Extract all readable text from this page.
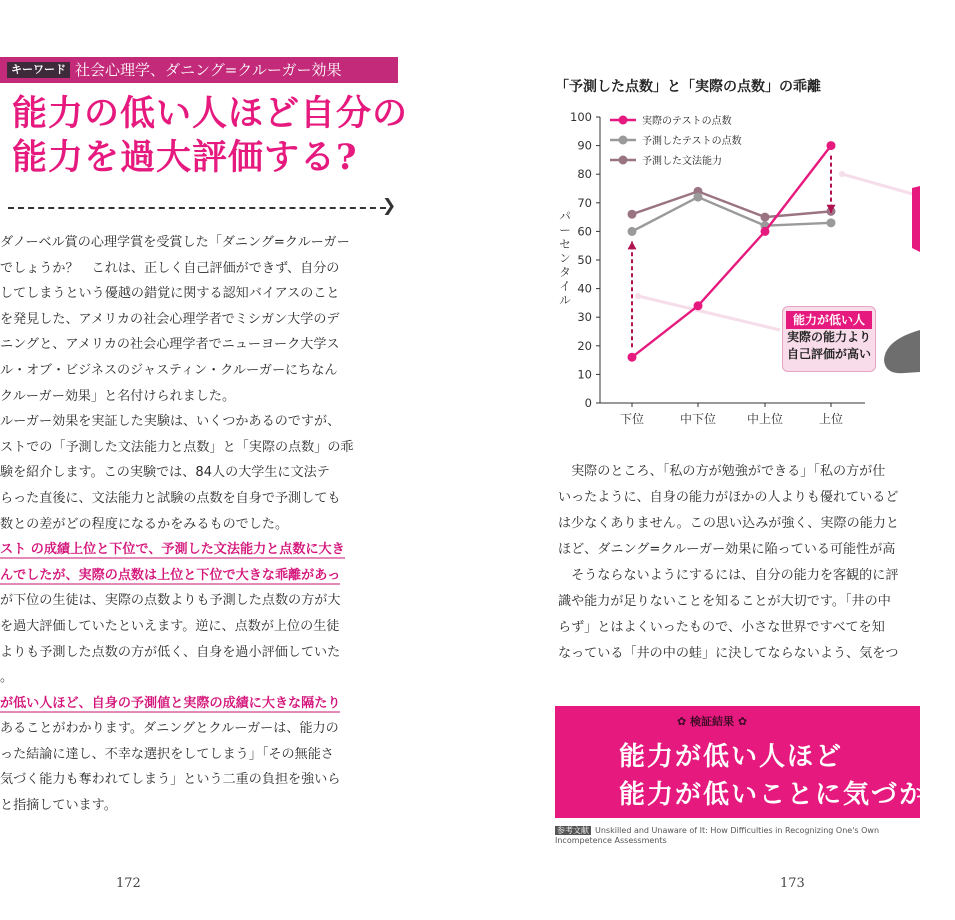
キーワード 社会心理学、ダニング=クルーガー効果
能力の低い人ほど自分の
能力を過大評価する?
❯
ダノーベル賞の心理学賞を受賞した「ダニング=クルーガー
でしょうか？　これは、正しく自己評価ができず、自分の
してしまうという優越の錯覚に関する認知バイアスのこと
を発見した、アメリカの社会心理学者でミシガン大学のデ
ニングと、アメリカの社会心理学者でニューヨーク大学ス
ル・オブ・ビジネスのジャスティン・クルーガーにちなん
クルーガー効果」と名付けられました。
ルーガー効果を実証した実験は、いくつかあるのですが、
ストでの「予測した文法能力と点数」と「実際の点数」の乖
験を紹介します。この実験では、84人の大学生に文法テ
らった直後に、文法能力と試験の点数を自身で予測しても
数との差がどの程度になるかをみるものでした。
スト の成績上位と下位で、予測した文法能力と点数に大き
んでしたが、実際の点数は上位と下位で大きな乖離があっ
が下位の生徒は、実際の点数よりも予測した点数の方が大
を過大評価していたといえます。逆に、点数が上位の生徒
よりも予測した点数の方が低く、自身を過小評価していた
。
が低い人ほど、自身の予測値と実際の成績に大きな隔たり
あることがわかります。ダニングとクルーガーは、能力の
った結論に達し、不幸な選択をしてしまう」「その無能さ
気づく能力も奪われてしまう」という二重の負担を強いら
と指摘しています。
172
「予測した点数」と「実際の点数」の乖離
0
10
20
30
40
50
60
70
80
90
100
下位	中下位	中上位	上位
パ
ー
セ
ン
タ
イ
ル
実際のテストの点数
予測したテストの点数
予測した文法能力
能力が低い人
実際の能力より
自己評価が高い
実際のところ、「私の方が勉強ができる」「私の方が仕
いったように、自身の能力がほかの人よりも優れているど
は少なくありません。この思い込みが強く、実際の能力と
ほど、ダニング=クルーガー効果に陥っている可能性が高
そうならないようにするには、自分の能力を客観的に評
識や能力が足りないことを知ることが大切です。「井の中
らず」とはよくいったもので、小さな世界ですべてを知
なっている「井の中の蛙」に決してならないよう、気をつ
✿ 検証結果 ✿
能力が低い人ほど
能力が低いことに気づかな
参考文献 Unskilled and Unaware of It: How Difficulties in Recognizing One's Own Incompetence Assessments
173
